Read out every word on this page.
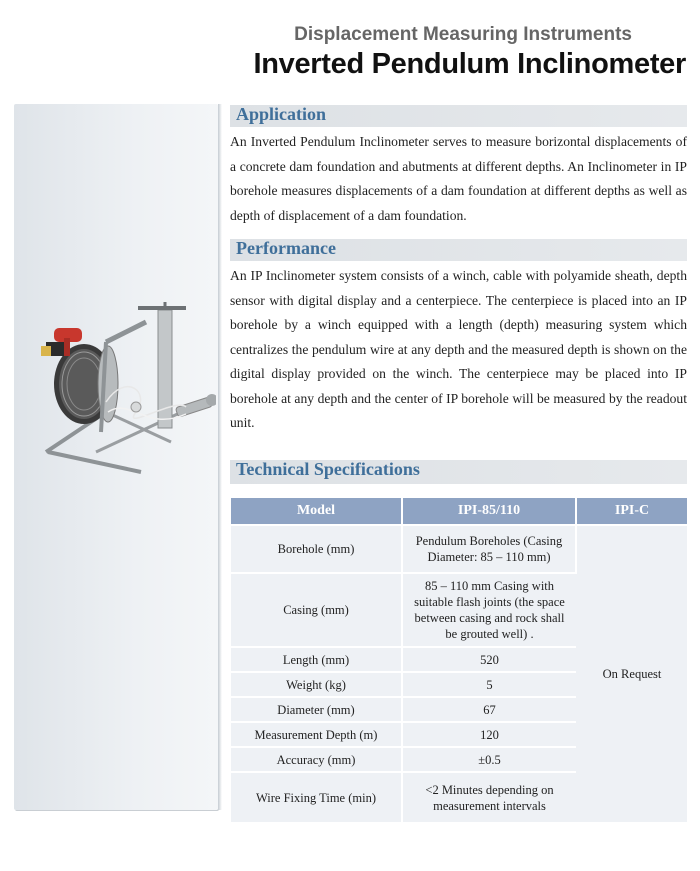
Displacement Measuring Instruments
Inverted Pendulum Inclinometer
Application

An Inverted Pendulum Inclinometer serves to measure borizontal displacements of a concrete dam foundation and abutments at different depths. An Inclinometer in IP borehole measures displacements of a dam foundation at different depths as well as depth of displacement of a dam foundation.

Performance

An IP Inclinometer system consists of a winch, cable with polyamide sheath, depth sensor with digital display and a centerpiece. The centerpiece is placed into an IP borehole by a winch equipped with a length (depth) measuring system which centralizes the pendulum wire at any depth and the measured depth is shown on the digital display provided on the winch. The centerpiece may be placed into IP borehole at any depth and the center of IP borehole will be measured by the readout unit.

Technical Specifications
Model	IPI-85/110	IPI-C
Borehole (mm)	Pendulum Boreholes (Casing Diameter: 85 – 110 mm)	On Request
Casing (mm)	85 – 110 mm Casing with suitable flash joints (the space between casing and rock shall be grouted well) .	
Length (mm)	520	
Weight (kg)	5	
Diameter (mm)	67	
Measurement Depth (m)	120	
Accuracy (mm)	±0.5	
Wire Fixing Time (min)	<2 Minutes depending on measurement intervals	
